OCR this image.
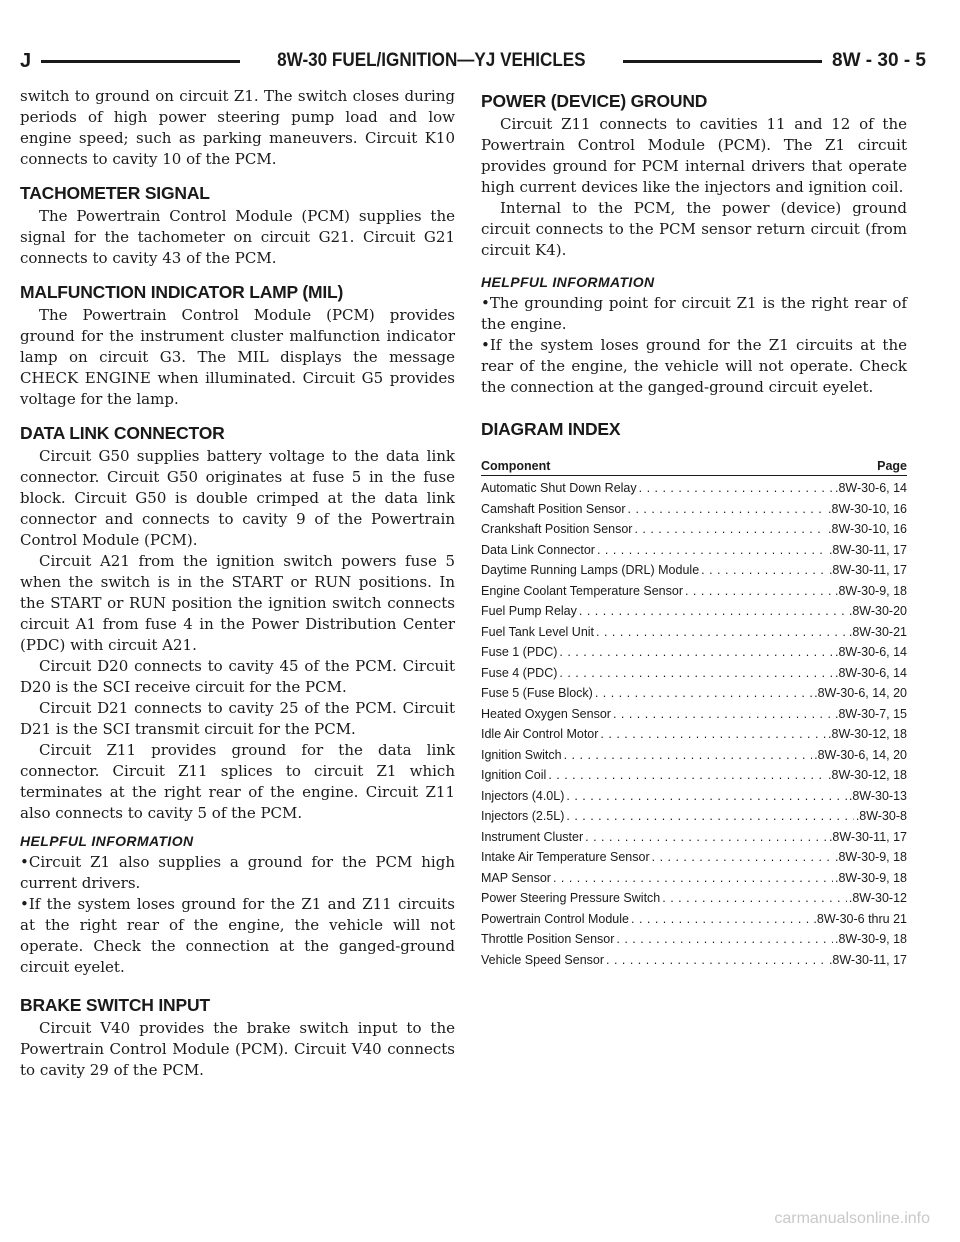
J	8W-30 FUEL/IGNITION—YJ VEHICLES	8W - 30 - 5

switch to ground on circuit Z1. The switch closes during periods of high power steering pump load and low engine speed; such as parking maneuvers. Circuit K10 connects to cavity 10 of the PCM.

TACHOMETER SIGNAL

The Powertrain Control Module (PCM) supplies the signal for the tachometer on circuit G21. Circuit G21 connects to cavity 43 of the PCM.

MALFUNCTION INDICATOR LAMP (MIL)

The Powertrain Control Module (PCM) provides ground for the instrument cluster malfunction indicator lamp on circuit G3. The MIL displays the message CHECK ENGINE when illuminated. Circuit G5 provides voltage for the lamp.

DATA LINK CONNECTOR

Circuit G50 supplies battery voltage to the data link connector. Circuit G50 originates at fuse 5 in the fuse block. Circuit G50 is double crimped at the data link connector and connects to cavity 9 of the Powertrain Control Module (PCM).

Circuit A21 from the ignition switch powers fuse 5 when the switch is in the START or RUN positions. In the START or RUN position the ignition switch connects circuit A1 from fuse 4 in the Power Distribution Center (PDC) with circuit A21.

Circuit D20 connects to cavity 45 of the PCM. Circuit D20 is the SCI receive circuit for the PCM.

Circuit D21 connects to cavity 25 of the PCM. Circuit D21 is the SCI transmit circuit for the PCM.

Circuit Z11 provides ground for the data link connector. Circuit Z11 splices to circuit Z1 which terminates at the right rear of the engine. Circuit Z11 also connects to cavity 5 of the PCM.

HELPFUL INFORMATION

•Circuit Z1 also supplies a ground for the PCM high current drivers.

•If the system loses ground for the Z1 and Z11 circuits at the right rear of the engine, the vehicle will not operate. Check the connection at the ganged-ground circuit eyelet.

BRAKE SWITCH INPUT

Circuit V40 provides the brake switch input to the Powertrain Control Module (PCM). Circuit V40 connects to cavity 29 of the PCM.

POWER (DEVICE) GROUND

Circuit Z11 connects to cavities 11 and 12 of the Powertrain Control Module (PCM). The Z1 circuit provides ground for PCM internal drivers that operate high current devices like the injectors and ignition coil.

Internal to the PCM, the power (device) ground circuit connects to the PCM sensor return circuit (from circuit K4).

HELPFUL INFORMATION

•The grounding point for circuit Z1 is the right rear of the engine.

•If the system loses ground for the Z1 circuits at the rear of the engine, the vehicle will not operate. Check the connection at the ganged-ground circuit eyelet.

DIAGRAM INDEX
Component	Page
Automatic Shut Down Relay . . .	.8W-30-6, 14
Camshaft Position Sensor . . .	.8W-30-10, 16
Crankshaft Position Sensor . . .	.8W-30-10, 16
Data Link Connector . . .	.8W-30-11, 17
Daytime Running Lamps (DRL) Module . . .	.8W-30-11, 17
Engine Coolant Temperature Sensor . . .	.8W-30-9, 18
Fuel Pump Relay . . .	.8W-30-20
Fuel Tank Level Unit . . .	.8W-30-21
Fuse 1 (PDC) . . .	.8W-30-6, 14
Fuse 4 (PDC) . . .	.8W-30-6, 14
Fuse 5 (Fuse Block) . . .	.8W-30-6, 14, 20
Heated Oxygen Sensor . . .	.8W-30-7, 15
Idle Air Control Motor . . .	.8W-30-12, 18
Ignition Switch . . .	.8W-30-6, 14, 20
Ignition Coil . . .	.8W-30-12, 18
Injectors (4.0L) . . .	.8W-30-13
Injectors (2.5L) . . .	.8W-30-8
Instrument Cluster . . .	.8W-30-11, 17
Intake Air Temperature Sensor . . .	.8W-30-9, 18
MAP Sensor . . .	.8W-30-9, 18
Power Steering Pressure Switch . . .	.8W-30-12
Powertrain Control Module . . .	.8W-30-6 thru 21
Throttle Position Sensor . . .	.8W-30-9, 18
Vehicle Speed Sensor . . .	.8W-30-11, 17
carmanualsonline.info
